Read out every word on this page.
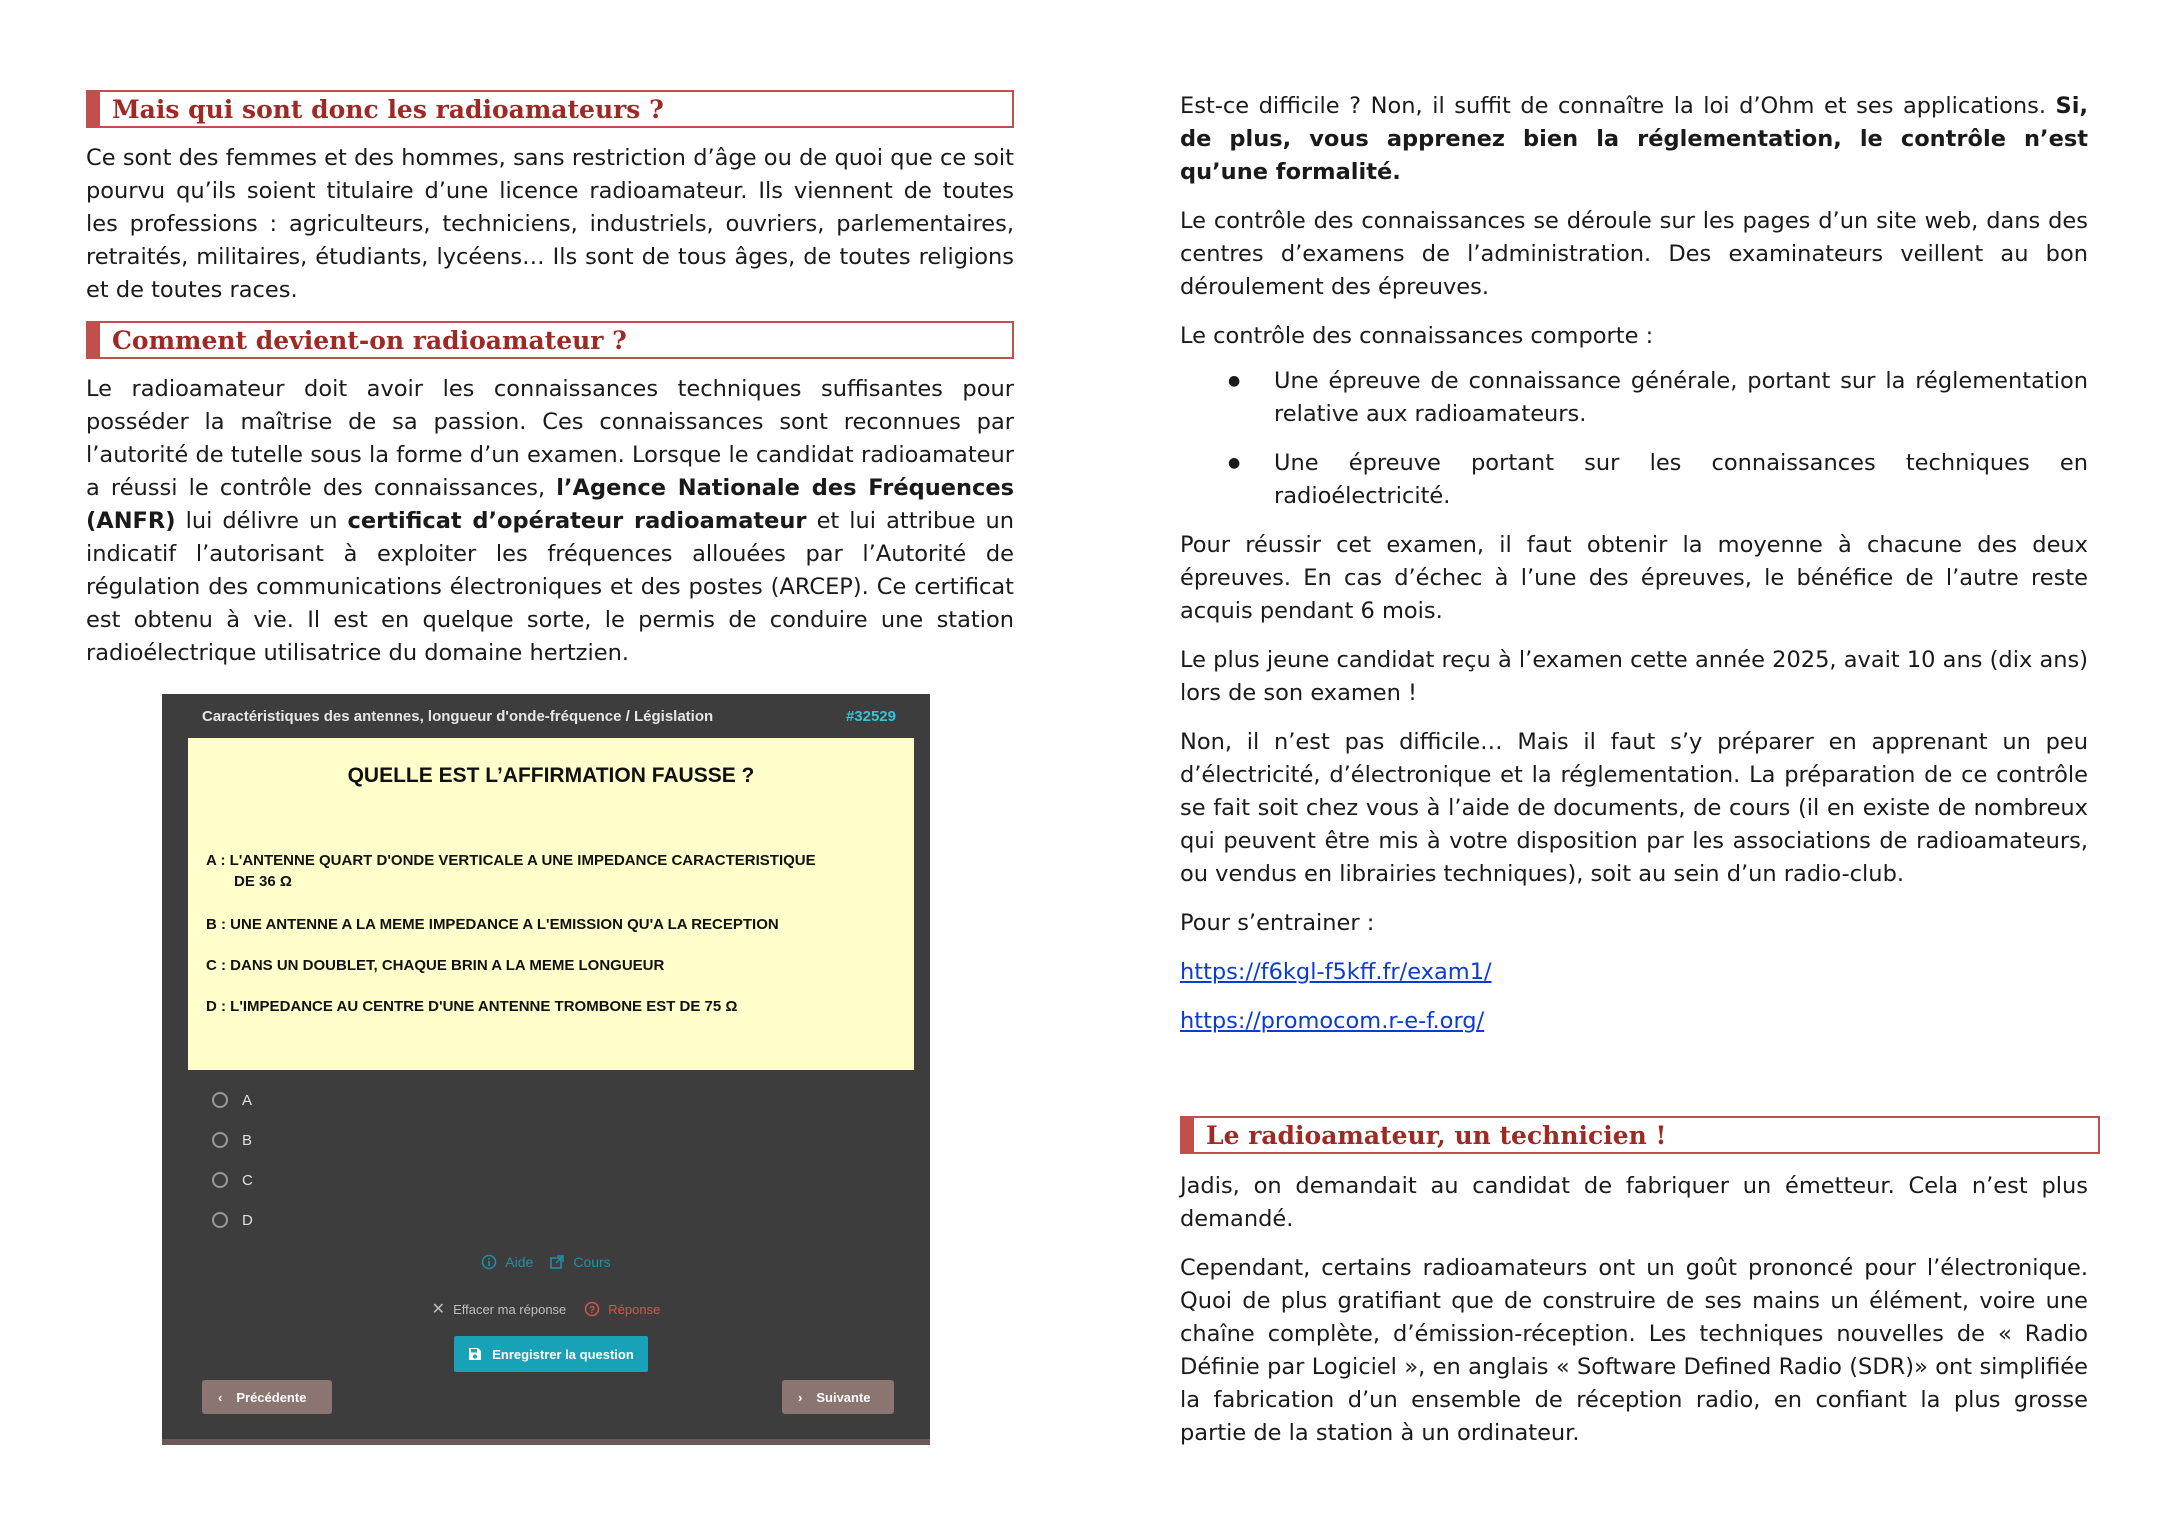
Mais qui sont donc les radioamateurs ?

Ce sont des femmes et des hommes, sans restriction d’âge ou de quoi que ce soit pourvu qu’ils soient titulaire d’une licence radioamateur. Ils viennent de toutes les professions : agriculteurs, techniciens, industriels, ouvriers, parlementaires, retraités, militaires, étudiants, lycéens… Ils sont de tous âges, de toutes religions et de toutes races.

Comment devient-on radioamateur ?

Le radioamateur doit avoir les connaissances techniques suffisantes pour posséder la maîtrise de sa passion. Ces connaissances sont reconnues par l’autorité de tutelle sous la forme d’un examen. Lorsque le candidat radioamateur a réussi le contrôle des connaissances, l’Agence Nationale des Fréquences (ANFR) lui délivre un certificat d’opérateur radioamateur et lui attribue un indicatif l’autorisant à exploiter les fréquences allouées par l’Autorité de régulation des communications électroniques et des postes (ARCEP). Ce certificat est obtenu à vie. Il est en quelque sorte, le permis de conduire une station radioélectrique utilisatrice du domaine hertzien.

Caractéristiques des antennes, longueur d'onde-fréquence / Législation	#32529
QUELLE EST L’AFFIRMATION FAUSSE ?
A : L'ANTENNE QUART D'ONDE VERTICALE A UNE IMPEDANCE CARACTERISTIQUE
DE 36 Ω
B : UNE ANTENNE A LA MEME IMPEDANCE A L'EMISSION QU'A LA RECEPTION
C : DANS UN DOUBLET, CHAQUE BRIN A LA MEME LONGUEUR
D : L'IMPEDANCE AU CENTRE D'UNE ANTENNE TROMBONE EST DE 75 Ω
A
B
C
D
Aide	Cours
✕ Effacer ma réponse ? Réponse
Enregistrer la question
‹ Précédente	› Suivante

Est-ce difficile ? Non, il suffit de connaître la loi d’Ohm et ses applications. Si, de plus, vous apprenez bien la réglementation, le contrôle n’est qu’une formalité.

Le contrôle des connaissances se déroule sur les pages d’un site web, dans des centres d’examens de l’administration. Des examinateurs veillent au bon déroulement des épreuves.

Le contrôle des connaissances comporte :

● Une épreuve de connaissance générale, portant sur la réglementation relative aux radioamateurs.
● Une épreuve portant sur les connaissances techniques en radioélectricité.

Pour réussir cet examen, il faut obtenir la moyenne à chacune des deux épreuves. En cas d’échec à l’une des épreuves, le bénéfice de l’autre reste acquis pendant 6 mois.

Le plus jeune candidat reçu à l’examen cette année 2025, avait 10 ans (dix ans) lors de son examen !

Non, il n’est pas difficile… Mais il faut s’y préparer en apprenant un peu d’électricité, d’électronique et la réglementation. La préparation de ce contrôle se fait soit chez vous à l’aide de documents, de cours (il en existe de nombreux qui peuvent être mis à votre disposition par les associations de radioamateurs, ou vendus en librairies techniques), soit au sein d’un radio-club.

Pour s’entrainer :

https://f6kgl-f5kff.fr/exam1/

https://promocom.r-e-f.org/

Le radioamateur, un technicien !

Jadis, on demandait au candidat de fabriquer un émetteur. Cela n’est plus demandé.

Cependant, certains radioamateurs ont un goût prononcé pour l’électronique. Quoi de plus gratifiant que de construire de ses mains un élément, voire une chaîne complète, d’émission-réception. Les techniques nouvelles de « Radio Définie par Logiciel », en anglais « Software Defined Radio (SDR)» ont simplifiée la fabrication d’un ensemble de réception radio, en confiant la plus grosse partie de la station à un ordinateur.
